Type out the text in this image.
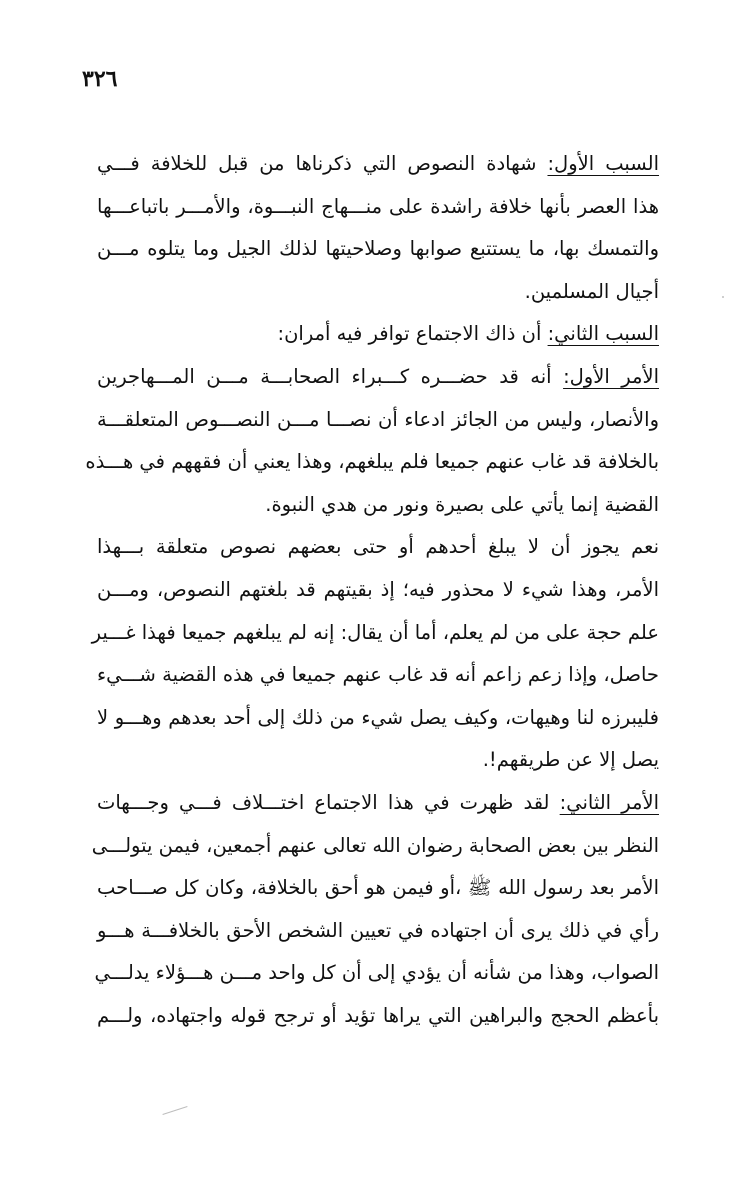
٣٢٦
السبب الأول: شهادة النصوص التي ذكرناها من قبل للخلافة فـــي
هذا العصر بأنها خلافة راشدة على منـــهاج النبـــوة، والأمـــر باتباعـــها
والتمسك بها، ما يستتبع صوابها وصلاحيتها لذلك الجيل وما يتلوه مـــن
أجيال المسلمين.
السبب الثاني: أن ذاك الاجتماع توافر فيه أمران:
الأمر الأول: أنه قد حضـــره كـــبراء الصحابـــة مـــن المـــهاجرين
والأنصار، وليس من الجائز ادعاء أن نصـــا مـــن النصـــوص المتعلقـــة
بالخلافة قد غاب عنهم جميعا فلم يبلغهم، وهذا يعني أن فقههم في هـــذه
القضية إنما يأتي على بصيرة ونور من هدي النبوة.
نعم يجوز أن لا يبلغ أحدهم أو حتى بعضهم نصوص متعلقة بـــهذا
الأمر، وهذا شيء لا محذور فيه؛ إذ بقيتهم قد بلغتهم النصوص، ومـــن
علم حجة على من لم يعلم، أما أن يقال: إنه لم يبلغهم جميعا فهذا غـــير
حاصل، وإذا زعم زاعم أنه قد غاب عنهم جميعا في هذه القضية شـــيء
فليبرزه لنا وهيهات، وكيف يصل شيء من ذلك إلى أحد بعدهم وهـــو لا
يصل إلا عن طريقهم!.
الأمر الثاني: لقد ظهرت في هذا الاجتماع اختـــلاف فـــي وجـــهات
النظر بين بعض الصحابة رضوان الله تعالى عنهم أجمعين، فيمن يتولـــى
الأمر بعد رسول الله ﷺ ،أو فيمن هو أحق بالخلافة، وكان كل صـــاحب
رأي في ذلك يرى أن اجتهاده في تعيين الشخص الأحق بالخلافـــة هـــو
الصواب، وهذا من شأنه أن يؤدي إلى أن كل واحد مـــن هـــؤلاء يدلـــي
بأعظم الحجج والبراهين التي يراها تؤيد أو ترجح قوله واجتهاده، ولـــم
